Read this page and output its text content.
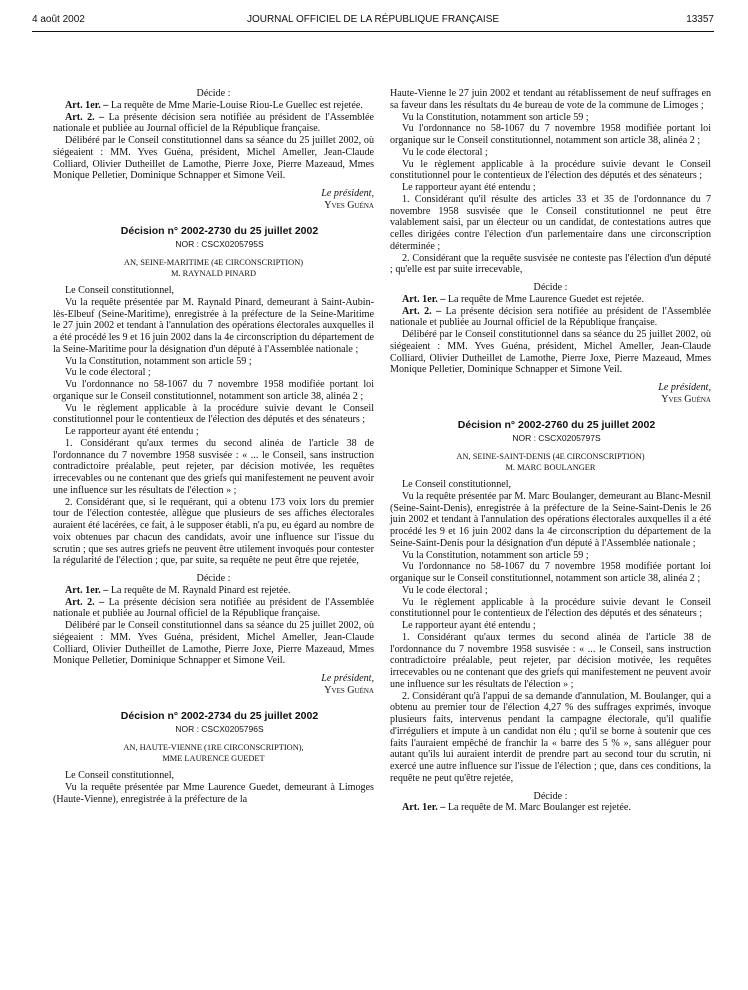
4 août 2002	JOURNAL OFFICIEL DE LA RÉPUBLIQUE FRANÇAISE	13357

Décide :

Art. 1er. – La requête de Mme Marie-Louise Riou-Le Guellec est rejetée.

Art. 2. – La présente décision sera notifiée au président de l'Assemblée nationale et publiée au Journal officiel de la République française.

Délibéré par le Conseil constitutionnel dans sa séance du 25 juillet 2002, où siégeaient : MM. Yves Guéna, président, Michel Ameller, Jean-Claude Colliard, Olivier Dutheillet de Lamothe, Pierre Joxe, Pierre Mazeaud, Mmes Monique Pelletier, Dominique Schnapper et Simone Veil.

Le président,

Yves Guéna

Décision n° 2002-2730 du 25 juillet 2002

NOR : CSCX0205795S

AN, SEINE-MARITIME (4E CIRCONSCRIPTION)

M. RAYNALD PINARD

Le Conseil constitutionnel,

Vu la requête présentée par M. Raynald Pinard, demeurant à Saint-Aubin-lès-Elbeuf (Seine-Maritime), enregistrée à la préfecture de la Seine-Maritime le 27 juin 2002 et tendant à l'annulation des opérations électorales auxquelles il a été procédé les 9 et 16 juin 2002 dans la 4e circonscription du département de la Seine-Maritime pour la désignation d'un député à l'Assemblée nationale ;

Vu la Constitution, notamment son article 59 ;

Vu le code électoral ;

Vu l'ordonnance no 58-1067 du 7 novembre 1958 modifiée portant loi organique sur le Conseil constitutionnel, notamment son article 38, alinéa 2 ;

Vu le règlement applicable à la procédure suivie devant le Conseil constitutionnel pour le contentieux de l'élection des députés et des sénateurs ;

Le rapporteur ayant été entendu ;

1. Considérant qu'aux termes du second alinéa de l'article 38 de l'ordonnance du 7 novembre 1958 susvisée : « ... le Conseil, sans instruction contradictoire préalable, peut rejeter, par décision motivée, les requêtes irrecevables ou ne contenant que des griefs qui manifestement ne peuvent avoir une influence sur les résultats de l'élection » ;

2. Considérant que, si le requérant, qui a obtenu 173 voix lors du premier tour de l'élection contestée, allègue que plusieurs de ses affiches électorales auraient été lacérées, ce fait, à le supposer établi, n'a pu, eu égard au nombre de voix obtenues par chacun des candidats, avoir une influence sur l'issue du scrutin ; que ses autres griefs ne peuvent être utilement invoqués pour contester la régularité de l'élection ; que, par suite, sa requête ne peut être que rejetée,

Décide :

Art. 1er. – La requête de M. Raynald Pinard est rejetée.

Art. 2. – La présente décision sera notifiée au président de l'Assemblée nationale et publiée au Journal officiel de la République française.

Délibéré par le Conseil constitutionnel dans sa séance du 25 juillet 2002, où siégeaient : MM. Yves Guéna, président, Michel Ameller, Jean-Claude Colliard, Olivier Dutheillet de Lamothe, Pierre Joxe, Pierre Mazeaud, Mmes Monique Pelletier, Dominique Schnapper et Simone Veil.

Le président,

Yves Guéna

Décision n° 2002-2734 du 25 juillet 2002

NOR : CSCX0205796S

AN, HAUTE-VIENNE (1RE CIRCONSCRIPTION),

MME LAURENCE GUEDET

Le Conseil constitutionnel,

Vu la requête présentée par Mme Laurence Guedet, demeurant à Limoges (Haute-Vienne), enregistrée à la préfecture de la

Haute-Vienne le 27 juin 2002 et tendant au rétablissement de neuf suffrages en sa faveur dans les résultats du 4e bureau de vote de la commune de Limoges ;

Vu la Constitution, notamment son article 59 ;

Vu l'ordonnance no 58-1067 du 7 novembre 1958 modifiée portant loi organique sur le Conseil constitutionnel, notamment son article 38, alinéa 2 ;

Vu le code électoral ;

Vu le règlement applicable à la procédure suivie devant le Conseil constitutionnel pour le contentieux de l'élection des députés et des sénateurs ;

Le rapporteur ayant été entendu ;

1. Considérant qu'il résulte des articles 33 et 35 de l'ordonnance du 7 novembre 1958 susvisée que le Conseil constitutionnel ne peut être valablement saisi, par un électeur ou un candidat, de contestations autres que celles dirigées contre l'élection d'un parlementaire dans une circonscription déterminée ;

2. Considérant que la requête susvisée ne conteste pas l'élection d'un député ; qu'elle est par suite irrecevable,

Décide :

Art. 1er. – La requête de Mme Laurence Guedet est rejetée.

Art. 2. – La présente décision sera notifiée au président de l'Assemblée nationale et publiée au Journal officiel de la République française.

Délibéré par le Conseil constitutionnel dans sa séance du 25 juillet 2002, où siégeaient : MM. Yves Guéna, président, Michel Ameller, Jean-Claude Colliard, Olivier Dutheillet de Lamothe, Pierre Joxe, Pierre Mazeaud, Mmes Monique Pelletier, Dominique Schnapper et Simone Veil.

Le président,

Yves Guéna

Décision n° 2002-2760 du 25 juillet 2002

NOR : CSCX0205797S

AN, SEINE-SAINT-DENIS (4E CIRCONSCRIPTION)

M. MARC BOULANGER

Le Conseil constitutionnel,

Vu la requête présentée par M. Marc Boulanger, demeurant au Blanc-Mesnil (Seine-Saint-Denis), enregistrée à la préfecture de la Seine-Saint-Denis le 26 juin 2002 et tendant à l'annulation des opérations électorales auxquelles il a été procédé les 9 et 16 juin 2002 dans la 4e circonscription du département de la Seine-Saint-Denis pour la désignation d'un député à l'Assemblée nationale ;

Vu la Constitution, notamment son article 59 ;

Vu l'ordonnance no 58-1067 du 7 novembre 1958 modifiée portant loi organique sur le Conseil constitutionnel, notamment son article 38, alinéa 2 ;

Vu le code électoral ;

Vu le règlement applicable à la procédure suivie devant le Conseil constitutionnel pour le contentieux de l'élection des députés et des sénateurs ;

Le rapporteur ayant été entendu ;

1. Considérant qu'aux termes du second alinéa de l'article 38 de l'ordonnance du 7 novembre 1958 susvisée : « ... le Conseil, sans instruction contradictoire préalable, peut rejeter, par décision motivée, les requêtes irrecevables ou ne contenant que des griefs qui manifestement ne peuvent avoir une influence sur les résultats de l'élection » ;

2. Considérant qu'à l'appui de sa demande d'annulation, M. Boulanger, qui a obtenu au premier tour de l'élection 4,27 % des suffrages exprimés, invoque plusieurs faits, intervenus pendant la campagne électorale, qu'il qualifie d'irréguliers et impute à un candidat non élu ; qu'il se borne à soutenir que ces faits l'auraient empêché de franchir la « barre des 5 % », sans alléguer pour autant qu'ils lui auraient interdit de prendre part au second tour du scrutin, ni exercé une autre influence sur l'issue de l'élection ; que, dans ces conditions, la requête ne peut qu'être rejetée,

Décide :

Art. 1er. – La requête de M. Marc Boulanger est rejetée.
